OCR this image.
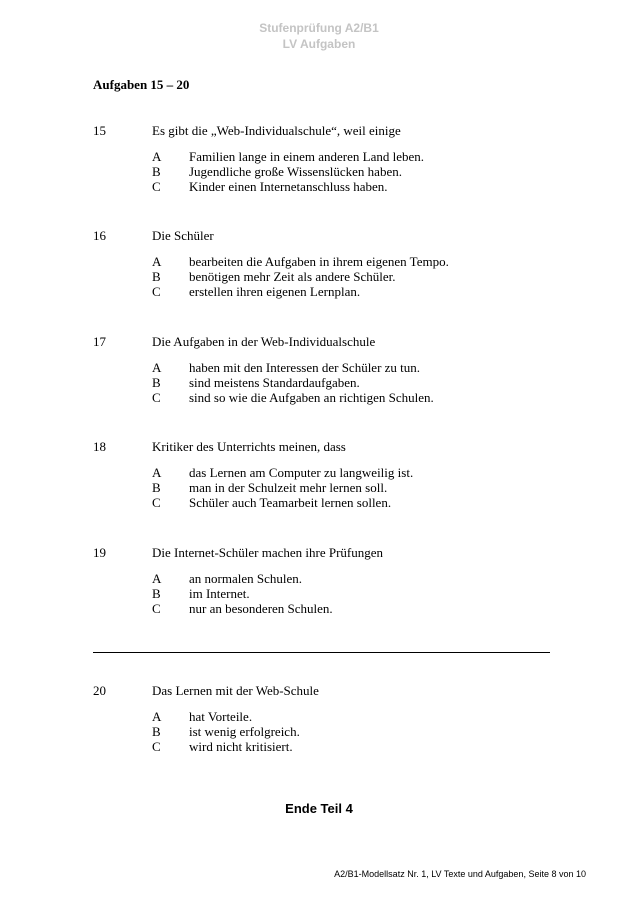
Stufenprüfung A2/B1
LV Aufgaben
Aufgaben 15 – 20
15	Es gibt die „Web-Individualschule“, weil einige
A Familien lange in einem anderen Land leben.
B Jugendliche große Wissenslücken haben.
C Kinder einen Internetanschluss haben.
16	Die Schüler
A bearbeiten die Aufgaben in ihrem eigenen Tempo.
B benötigen mehr Zeit als andere Schüler.
C erstellen ihren eigenen Lernplan.
17	Die Aufgaben in der Web-Individualschule
A haben mit den Interessen der Schüler zu tun.
B sind meistens Standardaufgaben.
C sind so wie die Aufgaben an richtigen Schulen.
18	Kritiker des Unterrichts meinen, dass
A das Lernen am Computer zu langweilig ist.
B man in der Schulzeit mehr lernen soll.
C Schüler auch Teamarbeit lernen sollen.
19	Die Internet-Schüler machen ihre Prüfungen
A an normalen Schulen.
B im Internet.
C nur an besonderen Schulen.
20	Das Lernen mit der Web-Schule
A hat Vorteile.
B ist wenig erfolgreich.
C wird nicht kritisiert.
Ende Teil 4
A2/B1-Modellsatz Nr. 1, LV Texte und Aufgaben, Seite 8 von 10
